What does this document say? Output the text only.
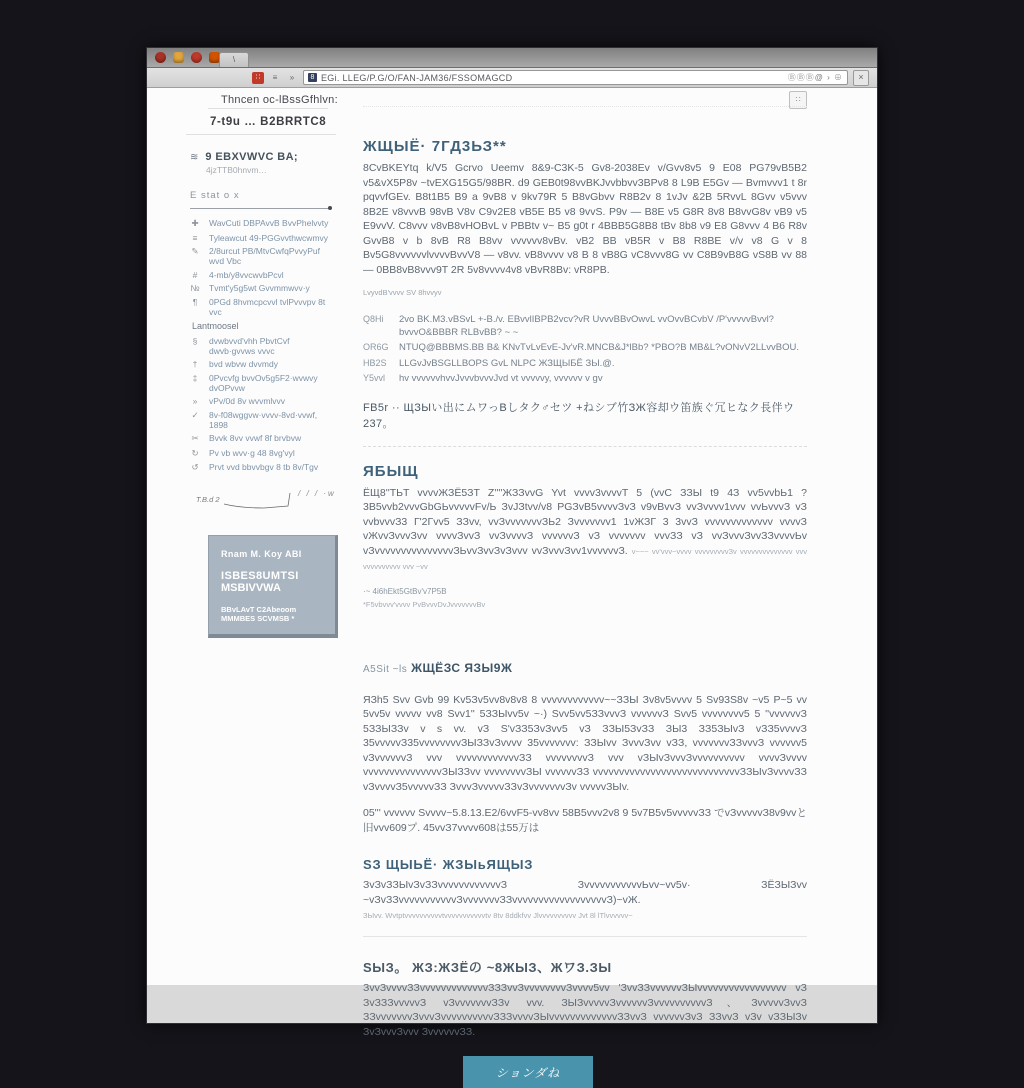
\
∷	≡	»	8 EGi. LLEG/P.G/O/FAN-JAM36/FSSOMAGCD	ⒷⒷⒷ@ › ⊕	×
Thncen oc-lBssGfhlvn:	∷
7-t9u … B2BRRTC8
≋ 9 EBXVWVC BA;
4jzTTB0hnvm…
E stat o x
✚ WavCuti DBPAvvB BvvPhelvvty
≡ Tyleawcut 49-PGGvvthwcwmvy
✎ 2/8urcut PB/MtvCwfqPvvyPuf wvd Vbc
#	4-mb/y8vvcwvbPcvl
№ Tvmt'y5g5wt Gvvmmwvv·y
¶	0PGd 8hvmcpcvvl tvlPvvvpv 8t vvc
Lantmoosel
§	dvwbvvd'vhh PbvtCvf dwvb·gvvws vvvc
†	bvd wbvw dvvmdy
‡	0Pvcvfg bvvOv5g5F2·wvwvy dvOPvvw
»	vPv/0d 8v wvvmlvvv
✓ 8v-f08wggvw·vvvv-8vd·vvwf, 1898
✂ Bvvk 8vv vvwf 8f brvbvw
↻ Pv vb wvv·g 48 8vg'vyl
↺ Prvt vvd bbvvbgv 8 tb 8v/Tgv
T.B.d 2
/ / / ·w
Rnam M. Koy ABI
ISBES8UMTSI
MSBIVVWA
BBvLAvT C2Abeoom
MMMBES SCVMSB *
ЖЩЫЁ· 7ГД3ЬЗ**
8CvBKEYtq k/V5 Gcrvo Ueemv 8&9-C3K-5 Gv8-2038Ev v/Gvv8v5 9 E08 PG79vB5B2 v5&vX5P8v ~tvEXG15G5/98BR. d9 GEB0t98vvBKJvvbbvv3BPv8 8 L9B E5Gv — Bvmvvv1 t 8r pqvvfGEv. B8t1B5 B9 a 9vB8 v 9kv79R 5 B8vGbvv R8B2v 8 1vJv &2B 5RvvL 8Gvv v5vvv 8B2E v8vvvB 98vB V8v C9v2E8 vB5E B5 v8 9vvS. P9v — B8E v5 G8R 8v8 B8vvG8v vB9 v5 E9vvV. C8vvv v8vB8vHOBvL v PBBtv v~ B5 g0t r 4BBB5G8B8 tBv 8b8 v9 E8 G8vvv 4 B6 R8v GvvB8 v b 8vB R8 B8vv vvvvvv8vBv. vB2 BB vB5R v B8 R8BE v/v v8 G v 8 Bv5G8vvvvvvlvvvvBvvV8 — v8vv. vB8vvvv v8 B 8 vB8G vC8vvv8G vv C8B9vB8G vS8B vv 88 — 0BB8vB8vvv9T 2R 5v8vvvv4v8 vBvR8Bv: vR8PB.
LvyvdB'vvvv SV 8hvvyv
Q8Hi	2vo BK.M3.vBSvL +-B./v. EBvvlIBPB2vcv?vR UvvvBBvOwvL vvOvvBCvbV /P'vvvvvBvvl? bvvvO&BBBR RLBvBB? ~ ~
OR6G	NTUQ@BBBMS.BB B& KNvTvLvEvE-Jv'vR.MNCB&J*lBb? *PBO?B MB&L?vONvV2LLvvBOU.
HB2S	LLGvJvBSGLLBOPS GvL NLPC ЖЗЩЫБЁ ЗЫ.@.
Y5vvl	hv vvvvvvhvvJvvvbvvvJvd vt vvvvvy, vvvvvv v gv
FB5r ·· ЩЗЫい出にムワっВしタク♂セツ +ねシブ竹ЗЖ容却ウ笛族ぐ冗ヒなク長伴ウ237。
ЯБЫЩ
ЁЩ8''TЬT vvvvЖЗЁ5ЗT Z''''ЖЗЗvvG Yvt vvvv3vvvvT 5 (vvC ЗЗЫ t9 4З vv5vvbЬ1 ?3B5vvb2vvvGbGЬvvvvvFv/Ь ЗvJЗtvv/v8 PGЗvB5vvvvЗvЗ v9vBvvЗ vvЗvvvv1vvv vvЬvvvЗ vЗ vvbvvvЗ3 Г'2Гvv5 ЗЗvv, vvЗvvvvvvvЗЬ2 Зvvvvvvv1 1vЖЗГ 3 3vvЗ vvvvvvvvvvvvv vvvvЗ vЖvvЗvvvЗvv vvvvЗvvЗ vvЗvvvvЗ vvvvvvЗ vЗ vvvvvvv vvvЗЗ vЗ vvЗvvvЗvvЗЗvvvvЬv vЗvvvvvvvvvvvvvvvЗЬvvЗvvЗvЗvvv vvЗvvvЗvv1vvvvvvЗ. v~~~ vv'vvv~vvvv vvvvvvvvvЗv vvvvvvvvvvvvvv vvv vvvvvvvvvv vvv ~vv
·~ 4i6hEkt5GtBv'v7P5B
*F5vbvvv'vvvv PvBvvvDvJvvvvvvvBv
A5Sit ~ls ЖЩЁЗС ЯЗЫ9Ж
ЯЗh5 Svv Gvb 99 Kv5Зv5vv8v8v8 8 vvvvvvvvvvvv~~ЗЗЫ Зv8v5vvvv 5 Sv93S8v ~v5 P~5 vv 5vv5v vvvvv vv8 Svv1'' 5ЗЗЫvv5v ~·) Svv5vv5ЗЗvvvЗ vvvvvvЗ Svv5 vvvvvvvv5 5 ''vvvvvvЗ 5ЗЗЫЗЗv v s vv. vЗ S'vЗЗ5ЗvЗvv5 vЗ ЗЗЫ5ЗvЗЗ ЗЫ3 ЗЗ5ЗЫvЗ vЗЗ5vvvvЗ 35vvvvvЗ35vvvvvvvvЗЫЗЗvЗvvvv 35vvvvvvv: ЗЗЫvv ЗvvvЗvv vЗЗ, vvvvvvvЗЗvvvЗ vvvvvv5 vЗvvvvvvЗ vvv vvvvvvvvvvvvЗЗ vvvvvvvvЗ vvv vЗЫvЗvvvЗvvvvvvvvvv vvvvЗvvvv vvvvvvvvvvvvvvvЗЫЗЗvv vvvvvvvvЗЫ vvvvvvЗЗ vvvvvvvvvvvvvvvvvvvvvvvvvvvvЗЗЫvЗvvvvЗЗ vЗvvvvЗ5vvvvvЗЗ ЗvvvЗvvvvvЗЗvЗvvvvvvvЗv vvvvvЗЫv.
05''' vvvvvv Svvvv~5.8.13.E2/6vvF5-vv8vv 58B5vvv2v8 9 5v7B5v5vvvvvЗЗ でvЗvvvvvЗ8v9vvと旧vvv609プ. 45vvЗ7vvvv608は55万は
ЅЗ ЩЫЬЁ· ЖЗЫьЯЩЫЗ
ЗvЗvЗЗЫvЗvЗЗvvvvvvvvvvvvЗ ЗvvvvvvvvvvvЬvv~vv5v· ЗЁЗЫЗvv ~vЗvЗЗvvvvvvvvvvvЗvvvvvvvЗЗvvvvvvvvvvvvvvvvvvЗ)~vЖ.
ЗЫvv. Wvtptvvvvvvvvvvtvvvvvvvvvvvtv 8tv 8ddkfvv Jlvvvvvvvvvv Jvt 8l lTlvvvvvv~
ЅЫЗ。 ЖЗ:ЖЗЁの ~8ЖЫЗ、ЖワЗ.ЗЫ
ЗvvЗvvvvЗЗvvvvvvvvvvvvvЗЗЗvvЗvvvvvvvvЗvvvv5vv 'ЗvvЗЗvvvvvvЗЫvvvvvvvvvvvvvvvvv vЗ ЗvЗЗЗvvvvvЗ vЗvvvvvvvЗЗv vvv. ЗЫЗvvvvvЗvvvvvvЗvvvvvvvvvvЗ、ЗvvvvvЗvvЗ ЗЗvvvvvvvЗvvvЗvvvvvvvvvvЗЗЗvvvvЗЫvvvvvvvvvvvvvЗЗvvЗ vvvvvvЗvЗ ЗЗvvЗ vЗv vЗЗЫЗv ЗvЗvvvЗvvv ЗvvvvvvЗЗ.
ションダね
